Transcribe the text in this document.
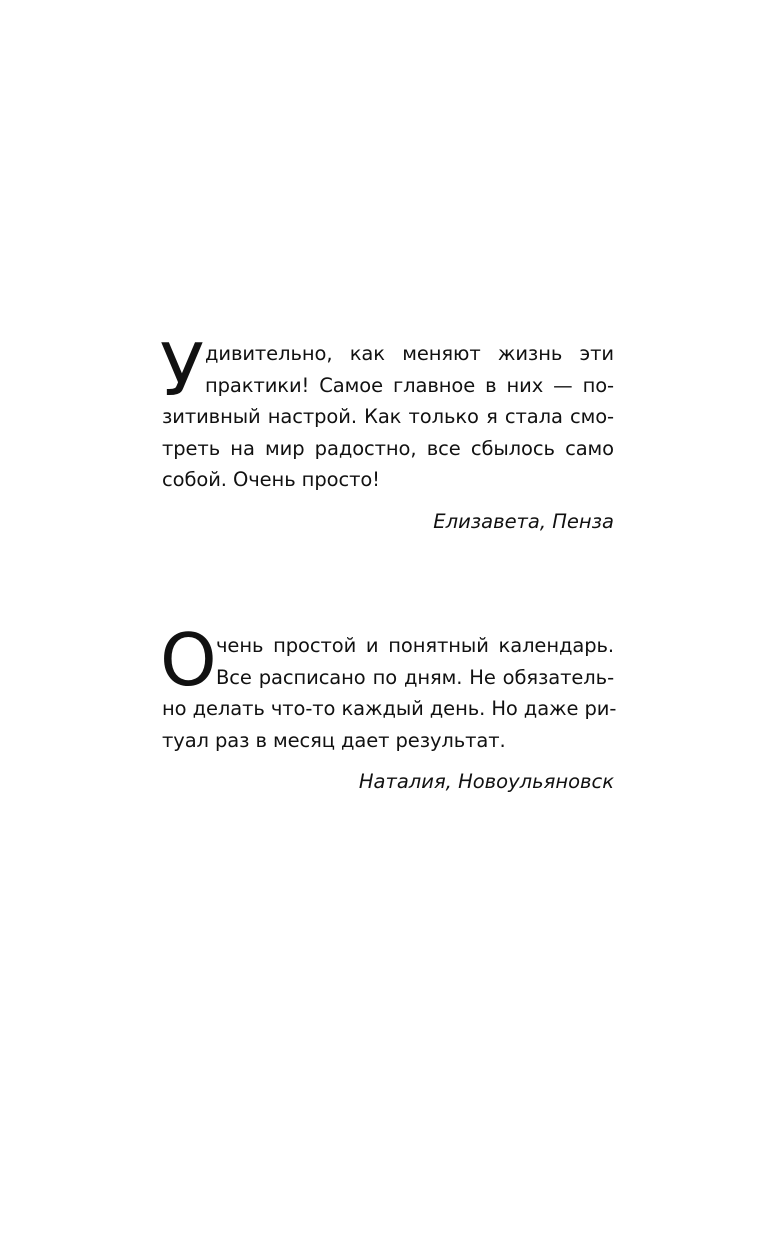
У дивительно, как меняют жизнь эти
практики! Самое главное в них — по-
зитивный настрой. Как только я стала смо-
треть на мир радостно, все сбылось само
собой. Очень просто!
Елизавета, Пенза
О чень простой и понятный календарь.
Все расписано по дням. Не обязатель-
но делать что-то каждый день. Но даже ри-
туал раз в месяц дает результат.
Наталия, Новоульяновск
